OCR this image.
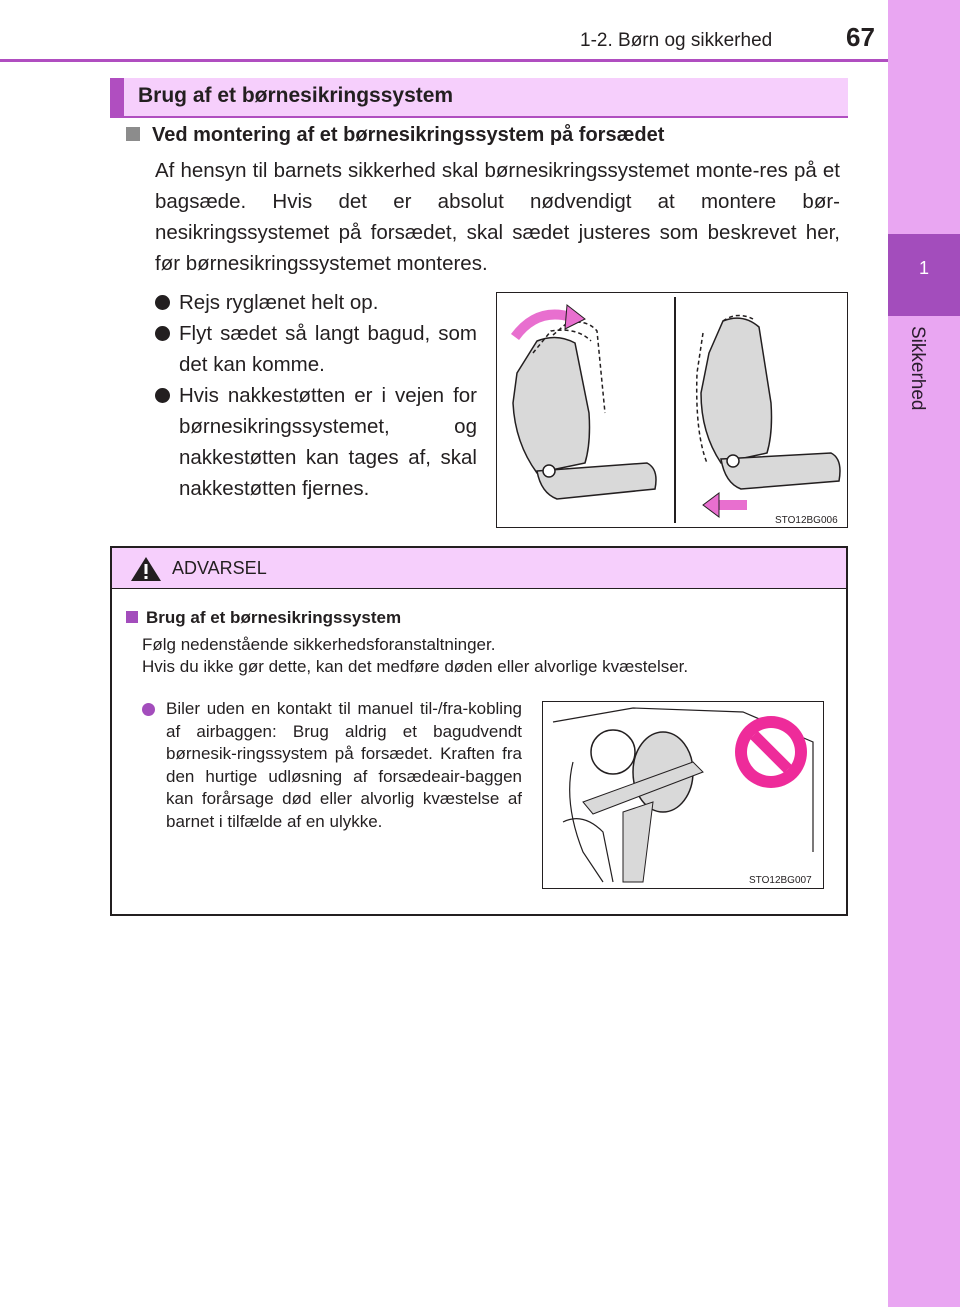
1-2. Børn og sikkerhed	67
1
Sikkerhed
Brug af et børnesikringssystem
Ved montering af et børnesikringssystem på forsædet
Af hensyn til barnets sikkerhed skal børnesikringssystemet monte-res på et bagsæde. Hvis det er absolut nødvendigt at montere bør-nesikringssystemet på forsædet, skal sædet justeres som beskrevet her, før børnesikringssystemet monteres.
Rejs ryglænet helt op.
Flyt sædet så langt bagud, som det kan komme.
Hvis nakkestøtten er i vejen for børnesikringssystemet, og nakkestøtten kan tages af, skal nakkestøtten fjernes.
STO12BG006
ADVARSEL
Brug af et børnesikringssystem
Følg nedenstående sikkerhedsforanstaltninger.
Hvis du ikke gør dette, kan det medføre døden eller alvorlige kvæstelser.
Biler uden en kontakt til manuel til-/fra-kobling af airbaggen: Brug aldrig et bagudvendt børnesik-ringssystem på forsædet. Kraften fra den hurtige udløsning af forsædeair-baggen kan forårsage død eller alvorlig kvæstelse af barnet i tilfælde af en ulykke.
STO12BG007
